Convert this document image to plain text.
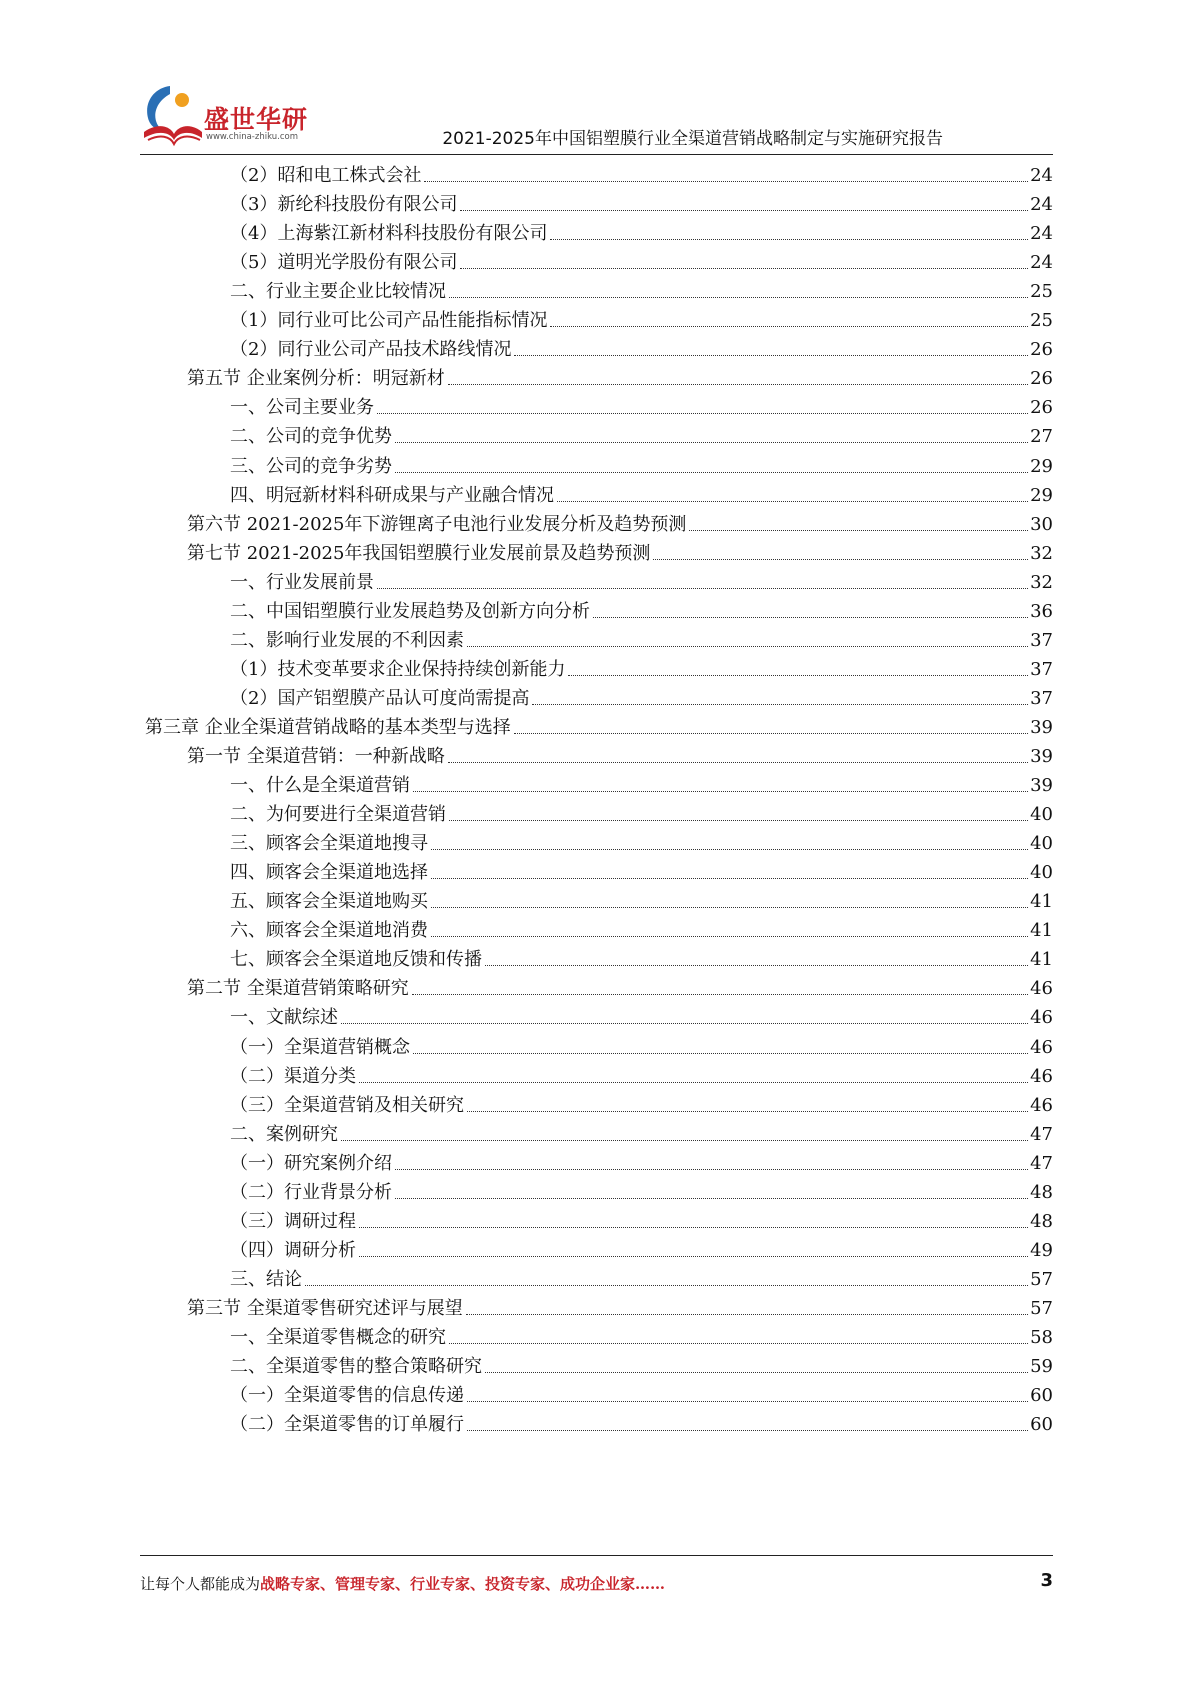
盛世华研
www.china-zhiku.com	2021-2025年中国铝塑膜行业全渠道营销战略制定与实施研究报告
（2）昭和电工株式会社	24
（3）新纶科技股份有限公司	24
（4）上海紫江新材料科技股份有限公司	24
（5）道明光学股份有限公司	24
二、行业主要企业比较情况	25
（1）同行业可比公司产品性能指标情况	25
（2）同行业公司产品技术路线情况	26
第五节 企业案例分析：明冠新材	26
一、公司主要业务	26
二、公司的竞争优势	27
三、公司的竞争劣势	29
四、明冠新材料科研成果与产业融合情况	29
第六节 2021-2025年下游锂离子电池行业发展分析及趋势预测	30
第七节 2021-2025年我国铝塑膜行业发展前景及趋势预测	32
一、行业发展前景	32
二、中国铝塑膜行业发展趋势及创新方向分析	36
二、影响行业发展的不利因素	37
（1）技术变革要求企业保持持续创新能力	37
（2）国产铝塑膜产品认可度尚需提高	37
第三章 企业全渠道营销战略的基本类型与选择	39
第一节 全渠道营销：一种新战略	39
一、什么是全渠道营销	39
二、为何要进行全渠道营销	40
三、顾客会全渠道地搜寻	40
四、顾客会全渠道地选择	40
五、顾客会全渠道地购买	41
六、顾客会全渠道地消费	41
七、顾客会全渠道地反馈和传播	41
第二节 全渠道营销策略研究	46
一、文献综述	46
（一）全渠道营销概念	46
（二）渠道分类	46
（三）全渠道营销及相关研究	46
二、案例研究	47
（一）研究案例介绍	47
（二）行业背景分析	48
（三）调研过程	48
（四）调研分析	49
三、结论	57
第三节 全渠道零售研究述评与展望	57
一、全渠道零售概念的研究	58
二、全渠道零售的整合策略研究	59
（一）全渠道零售的信息传递	60
（二）全渠道零售的订单履行	60
让每个人都能成为战略专家、管理专家、行业专家、投资专家、成功企业家……	3
